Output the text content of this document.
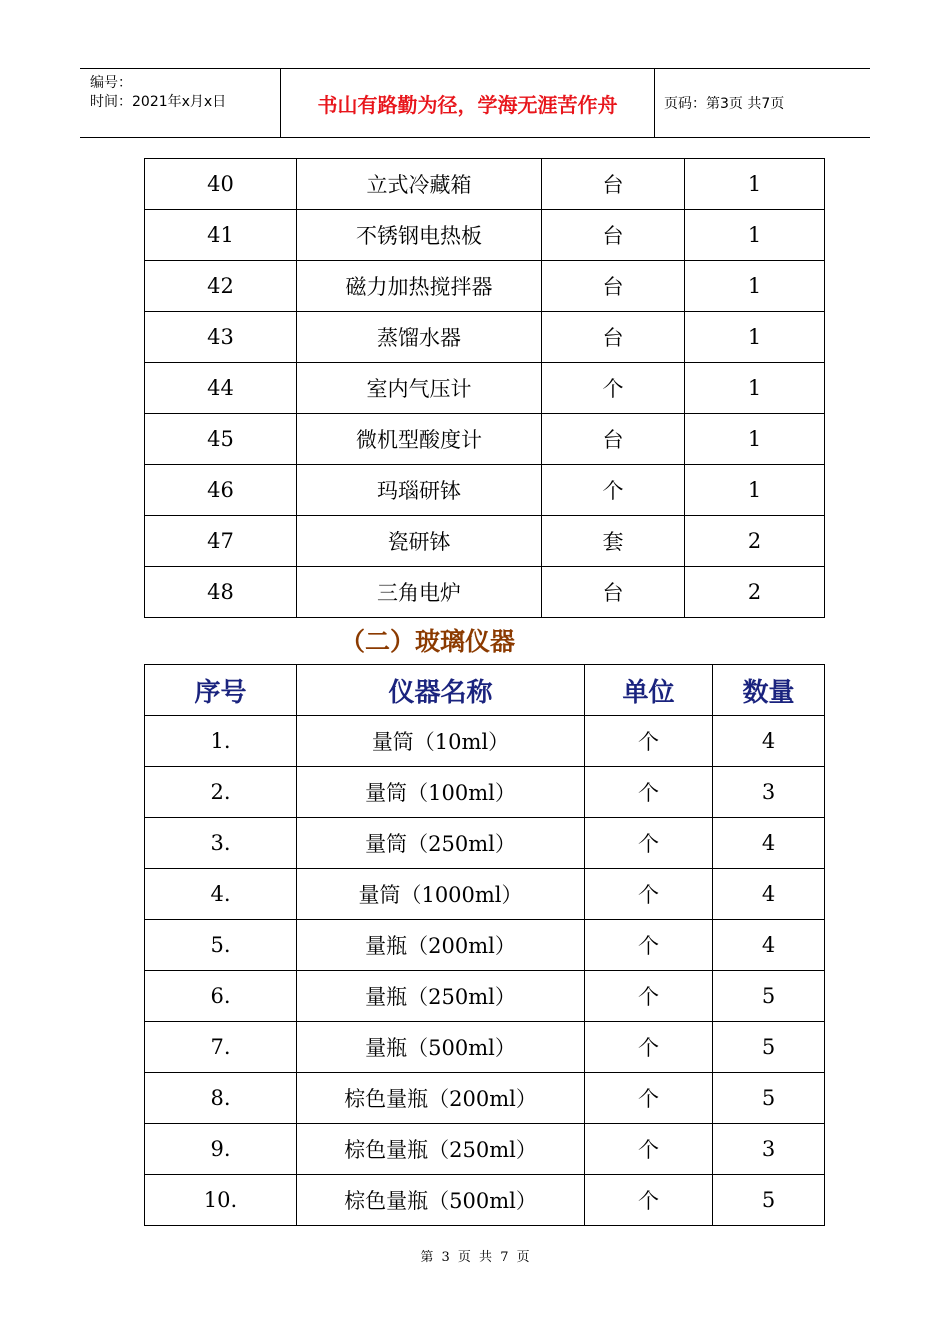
编号：
时间：2021年x月x日	书山有路勤为径，学海无涯苦作舟	页码：第3页 共7页
40	立式冷藏箱	台	1
41	不锈钢电热板	台	1
42	磁力加热搅拌器	台	1
43	蒸馏水器	台	1
44	室内气压计	个	1
45	微机型酸度计	台	1
46	玛瑙研钵	个	1
47	瓷研钵	套	2
48	三角电炉	台	2
（二）玻璃仪器
序号	仪器名称	单位	数量
1.	量筒（10ml）	个	4
2.	量筒（100ml）	个	3
3.	量筒（250ml）	个	4
4.	量筒（1000ml）	个	4
5.	量瓶（200ml）	个	4
6.	量瓶（250ml）	个	5
7.	量瓶（500ml）	个	5
8.	棕色量瓶（200ml）	个	5
9.	棕色量瓶（250ml）	个	3
10.	棕色量瓶（500ml）	个	5
第 3 页 共 7 页
